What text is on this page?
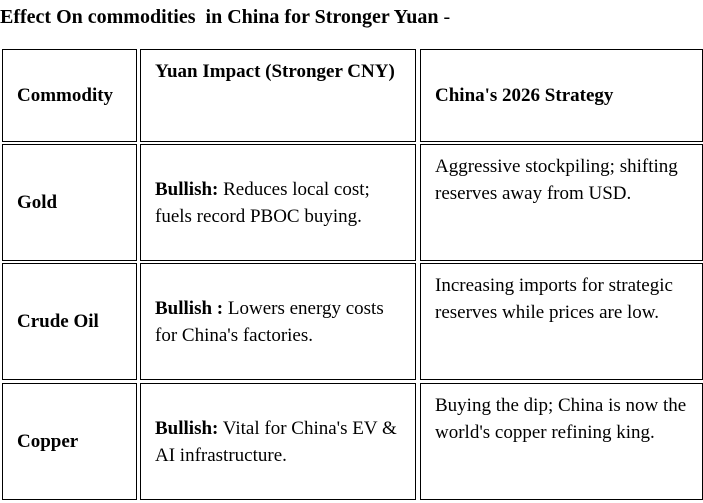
Effect On commodities  in China for Stronger Yuan -
Commodity
Yuan Impact (Stronger CNY)
China's 2026 Strategy
Gold
Bullish: Reduces local cost; fuels record PBOC buying.
Aggressive stockpiling; shifting reserves away from USD.
Crude Oil
Bullish : Lowers energy costs for China's factories.
Increasing imports for strategic reserves while prices are low.
Copper
Bullish: Vital for China's EV & AI infrastructure.
Buying the dip; China is now the world's copper refining king.
